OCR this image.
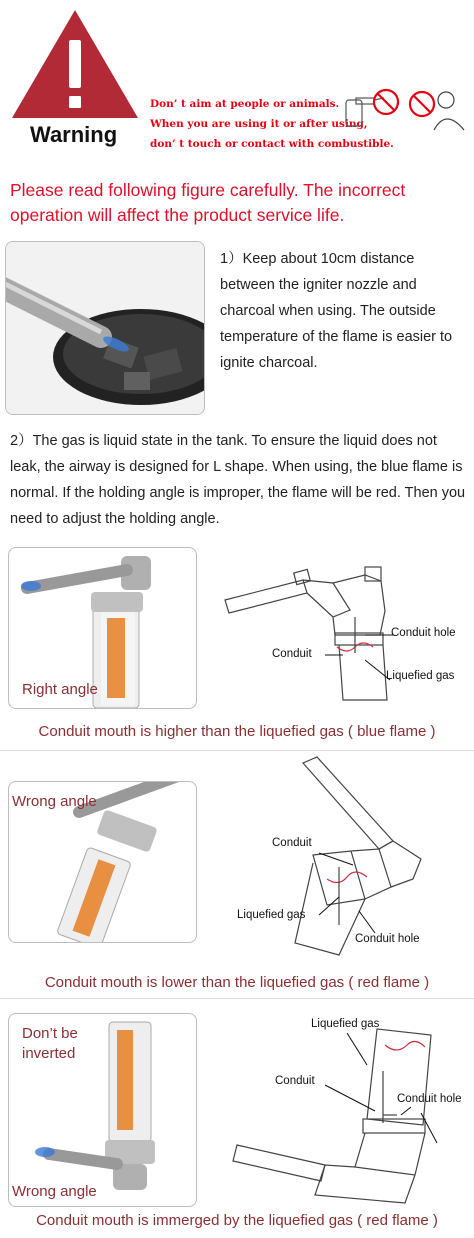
Warning
Don’ t aim at people or animals.
When you are using it or after using,
don’ t touch or contact with combustible.
Please read following figure carefully. The incorrect operation will affect the product service life.
1）Keep about 10cm distance between the igniter nozzle and charcoal when using. The outside temperature of the flame is easier to ignite charcoal.
2）The gas is liquid state in the tank. To ensure the liquid does not leak, the airway is designed for L shape. When using, the blue flame is normal. If the holding angle is improper, the flame will be red. Then you need to adjust the holding angle.
Right angle
Conduit hole
Conduit
Liquefied gas
Conduit mouth is higher than the liquefied gas ( blue flame )
Wrong angle
Conduit
Liquefied gas
Conduit hole
Conduit mouth is lower than the liquefied gas ( red flame )
Don’t be
inverted
Wrong angle
Liquefied gas
Conduit
Conduit hole
Conduit mouth is immerged by the liquefied gas ( red flame )
